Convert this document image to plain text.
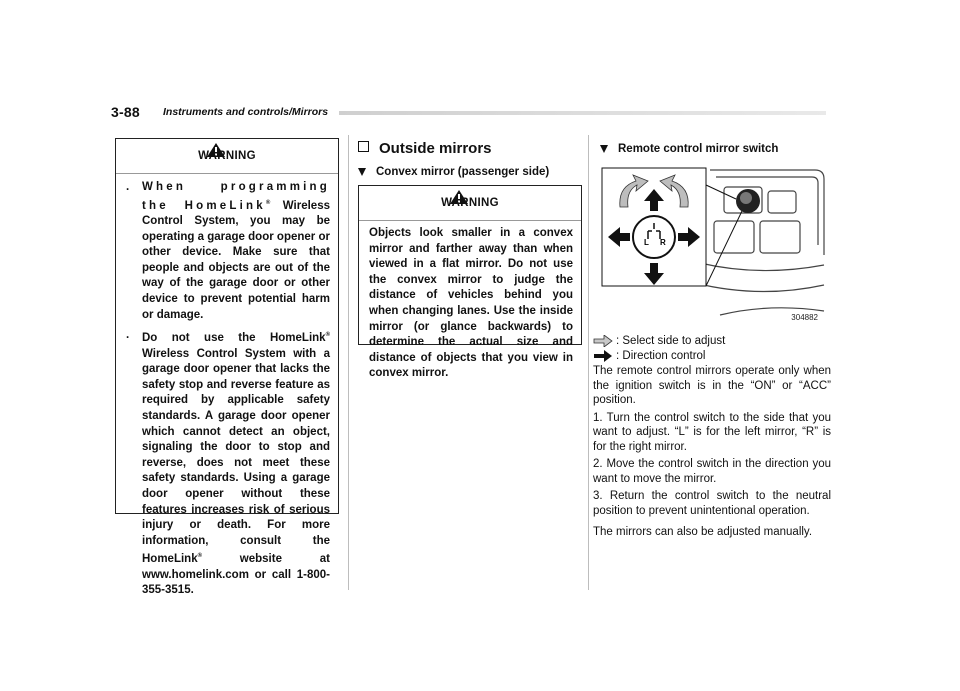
3-88 Instruments and controls/Mirrors
WARNING
. When programming the HomeLink® Wireless Control System, you may be operating a garage door opener or other device. Make sure that people and objects are out of the way of the garage door or other device to prevent potential harm or damage.
. Do not use the HomeLink® Wireless Control System with a garage door opener that lacks the safety stop and reverse feature as required by applicable safety standards. A garage door opener which cannot detect an object, signaling the door to stop and reverse, does not meet these safety standards. Using a garage door opener without these features increases risk of serious injury or death. For more information, consult the HomeLink® website at www.homelink.com or call 1-800-355-3515.
Outside mirrors
Convex mirror (passenger side)
WARNING
Objects look smaller in a convex mirror and farther away than when viewed in a flat mirror. Do not use the convex mirror to judge the distance of vehicles behind you when changing lanes. Use the inside mirror (or glance backwards) to determine the actual size and distance of objects that you view in convex mirror.
Remote control mirror switch
L R
304882
: Select side to adjust
: Direction control

The remote control mirrors operate only when the ignition switch is in the “ON” or “ACC” position.

1. Turn the control switch to the side that you want to adjust. “L” is for the left mirror, “R” is for the right mirror.

2. Move the control switch in the direction you want to move the mirror.

3. Return the control switch to the neutral position to prevent unintentional operation.

The mirrors can also be adjusted manually.
